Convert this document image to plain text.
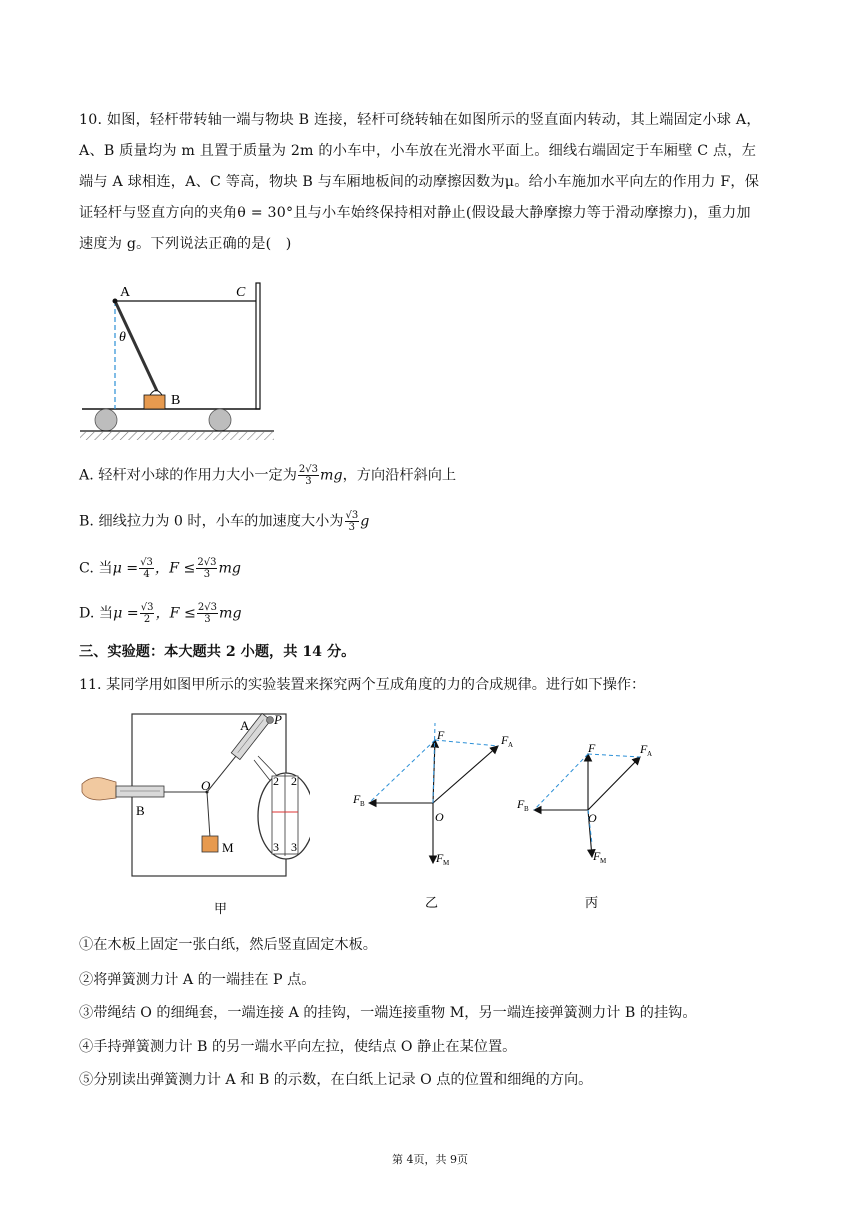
10. 如图，轻杆带转轴一端与物块 B 连接，轻杆可绕转轴在如图所示的竖直面内转动，其上端固定小球 A，
A、B 质量均为 m 且置于质量为 2m 的小车中，小车放在光滑水平面上。细线右端固定于车厢壁 C 点，左
端与 A 球相连，A、C 等高，物块 B 与车厢地板间的动摩擦因数为μ。给小车施加水平向左的作用力 F，保
证轻杆与竖直方向的夹角θ = 30°且与小车始终保持相对静止(假设最大静摩擦力等于滑动摩擦力)，重力加
速度为 g。下列说法正确的是(　)
A	C
θ
B
A. 轻杆对小球的作用力大小一定为 $\frac{2√3}{3}$ mg，方向沿杆斜向上
B. 细线拉力为 0 时，小车的加速度大小为 $\frac{√3}{3}$ g
C. 当$\mu = \frac{√3}{4}$ ，$F \le \frac{2√3}{3}$ mg
D. 当$\mu = \frac{√3}{2}$ ，$F \le \frac{2√3}{3}$ mg
三、实验题：本大题共 2 小题，共 14 分。
11. 某同学用如图甲所示的实验装置来探究两个互成角度的力的合成规律。进行如下操作：
2 2
3 3
A P
O
B
M
甲
F	F A
F B
F M
O
乙
F	F A
F B
F M
O
丙
①在木板上固定一张白纸，然后竖直固定木板。
②将弹簧测力计 A 的一端挂在 P 点。
③带绳结 O 的细绳套，一端连接 A 的挂钩，一端连接重物 M，另一端连接弹簧测力计 B 的挂钩。
④手持弹簧测力计 B 的另一端水平向左拉，使结点 O 静止在某位置。
⑤分别读出弹簧测力计 A 和 B 的示数，在白纸上记录 O 点的位置和细绳的方向。
第 4页，共 9页
